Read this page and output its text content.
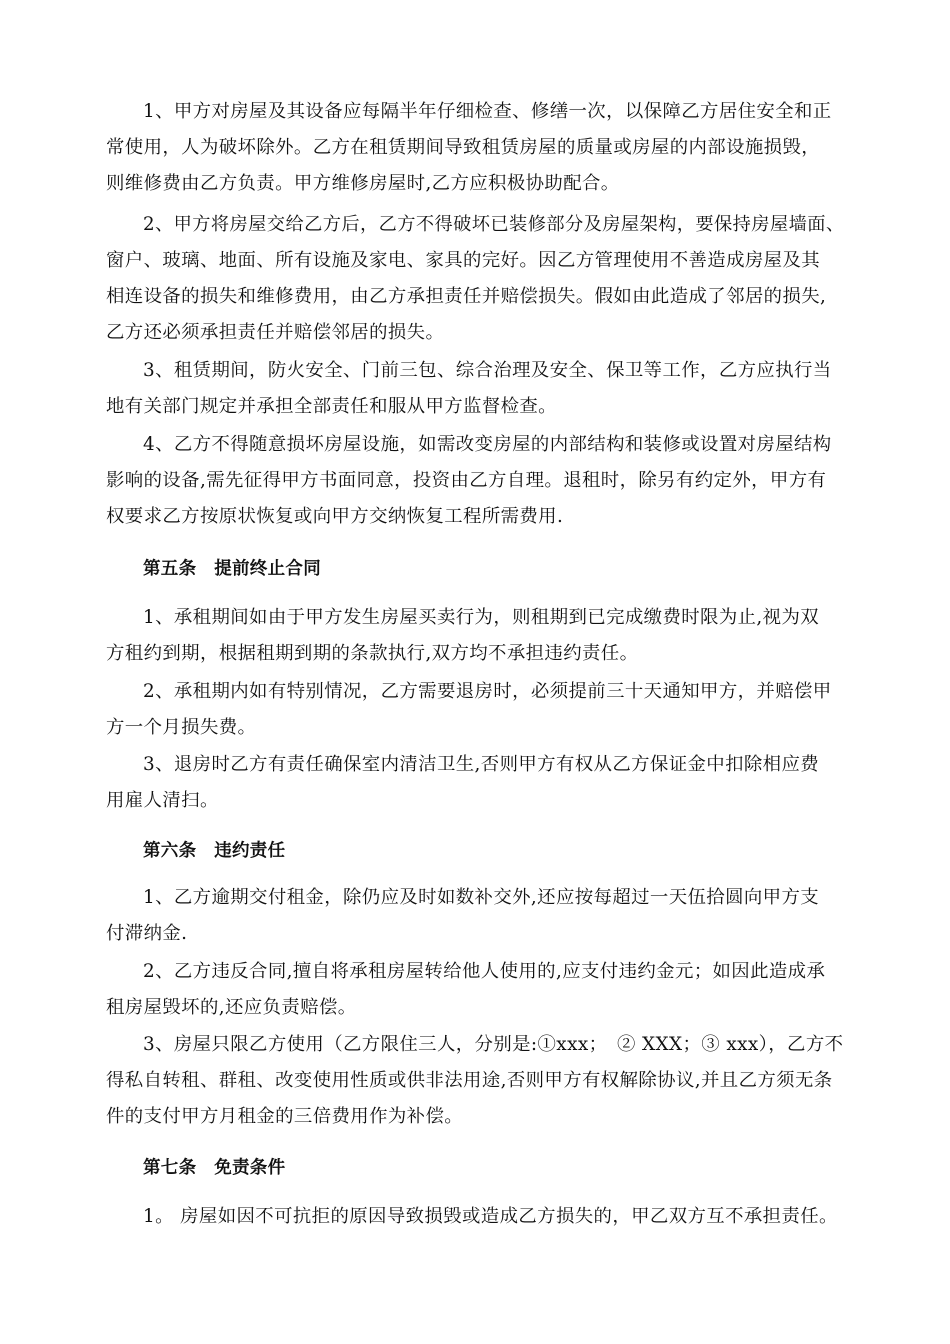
1、甲方对房屋及其设备应每隔半年仔细检查、修缮一次，以保障乙方居住安全和正
常使用，人为破坏除外。乙方在租赁期间导致租赁房屋的质量或房屋的内部设施损毁，
则维修费由乙方负责。甲方维修房屋时,乙方应积极协助配合。
2、甲方将房屋交给乙方后，乙方不得破坏已装修部分及房屋架构，要保持房屋墙面、
窗户、玻璃、地面、所有设施及家电、家具的完好。因乙方管理使用不善造成房屋及其
相连设备的损失和维修费用，由乙方承担责任并赔偿损失。假如由此造成了邻居的损失,
乙方还必须承担责任并赔偿邻居的损失。
3、租赁期间，防火安全、门前三包、综合治理及安全、保卫等工作，乙方应执行当
地有关部门规定并承担全部责任和服从甲方监督检查。
4、乙方不得随意损坏房屋设施，如需改变房屋的内部结构和装修或设置对房屋结构
影响的设备,需先征得甲方书面同意，投资由乙方自理。退租时，除另有约定外，甲方有
权要求乙方按原状恢复或向甲方交纳恢复工程所需费用.
第五条　提前终止合同
1、承租期间如由于甲方发生房屋买卖行为，则租期到已完成缴费时限为止,视为双
方租约到期，根据租期到期的条款执行,双方均不承担违约责任。
2、承租期内如有特别情况，乙方需要退房时，必须提前三十天通知甲方，并赔偿甲
方一个月损失费。
3、退房时乙方有责任确保室内清洁卫生,否则甲方有权从乙方保证金中扣除相应费
用雇人清扫。
第六条　违约责任
1、乙方逾期交付租金，除仍应及时如数补交外,还应按每超过一天伍拾圆向甲方支
付滞纳金.
2、乙方违反合同,擅自将承租房屋转给他人使用的,应支付违约金元；如因此造成承
租房屋毁坏的,还应负责赔偿。
3、房屋只限乙方使用（乙方限住三人，分别是:①xxx；　② XXX；③ xxx），乙方不
得私自转租、群租、改变使用性质或供非法用途,否则甲方有权解除协议,并且乙方须无条
件的支付甲方月租金的三倍费用作为补偿。
第七条　免责条件
1。 房屋如因不可抗拒的原因导致损毁或造成乙方损失的，甲乙双方互不承担责任。
